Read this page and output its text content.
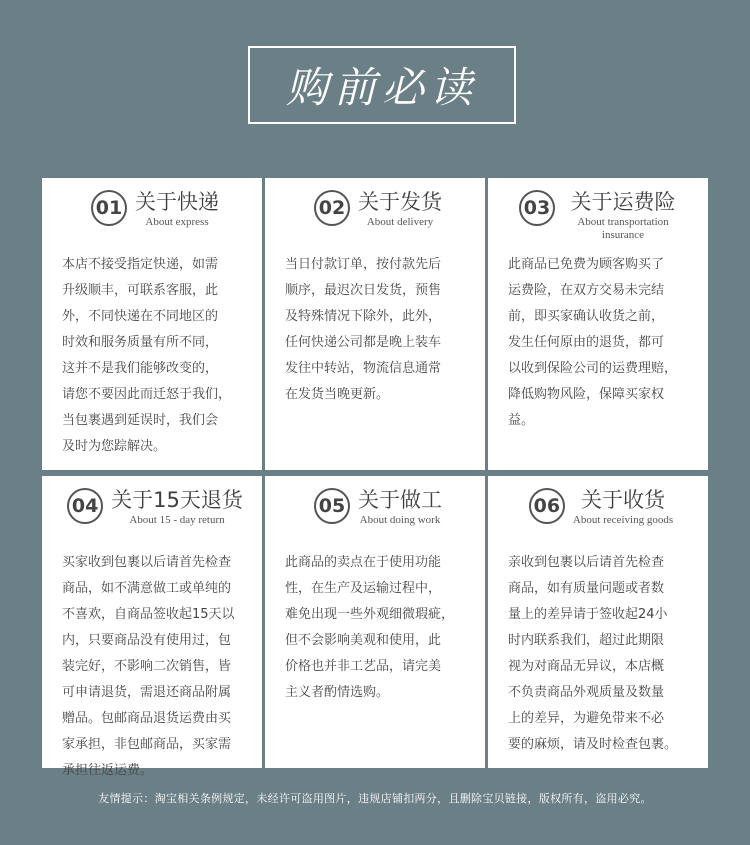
购前必读
01 关于快递
About express
本店不接受指定快递，如需
升级顺丰，可联系客服，此
外，不同快递在不同地区的
时效和服务质量有所不同，
这并不是我们能够改变的，
请您不要因此而迁怒于我们，
当包裹遇到延误时，我们会
及时为您踪解决。
02 关于发货
About delivery
当日付款订单，按付款先后
顺序，最迟次日发货，预售
及特殊情况下除外，此外，
任何快递公司都是晚上装车
发往中转站，物流信息通常
在发货当晚更新。
03 关于运费险
About transportation insurance
此商品已免费为顾客购买了
运费险，在双方交易未完结
前，即买家确认收货之前，
发生任何原由的退货，都可
以收到保险公司的运费理赔，
降低购物风险，保障买家权
益。
04 关于15天退货
About 15 - day return
买家收到包裹以后请首先检查
商品，如不满意做工或单纯的
不喜欢，自商品签收起15天以
内，只要商品没有使用过，包
装完好，不影响二次销售，皆
可申请退货，需退还商品附属
赠品。包邮商品退货运费由买
家承担，非包邮商品，买家需
承担往返运费。
05 关于做工
About doing work
此商品的卖点在于使用功能
性，在生产及运输过程中，
难免出现一些外观细微瑕疵，
但不会影响美观和使用，此
价格也并非工艺品，请完美
主义者酌情选购。
06 关于收货
About receiving goods
亲收到包裹以后请首先检查
商品，如有质量问题或者数
量上的差异请于签收起24小
时内联系我们，超过此期限
视为对商品无异议，本店概
不负责商品外观质量及数量
上的差异，为避免带来不必
要的麻烦，请及时检查包裹。
友情提示：淘宝相关条例规定，未经许可盗用图片，违规店铺扣两分，且删除宝贝链接，版权所有，盗用必究。
